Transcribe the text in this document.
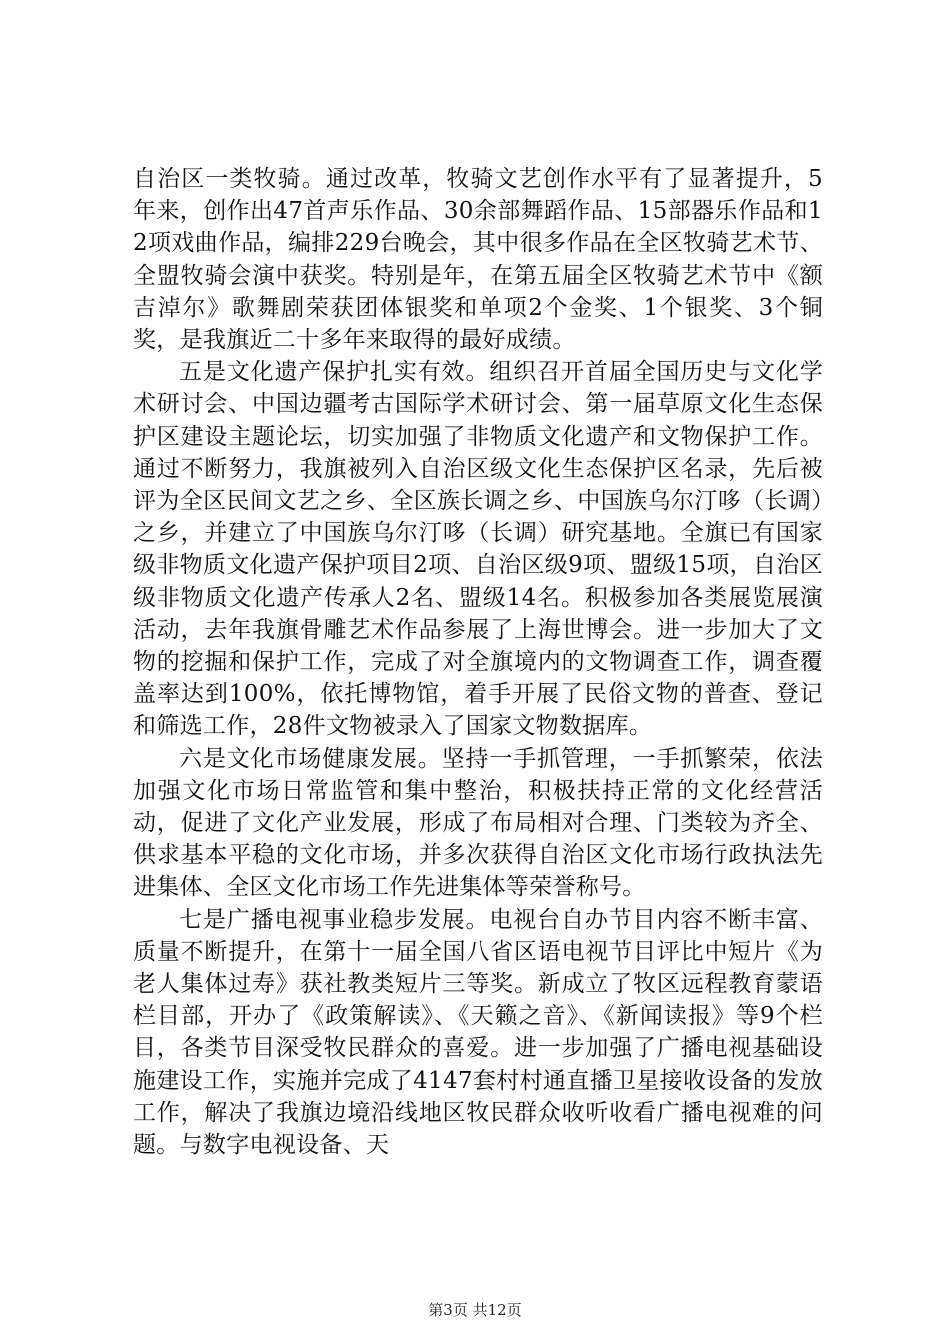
自治区一类牧骑。通过改革，牧骑文艺创作水平有了显著提升，5年来，创作出47首声乐作品、30余部舞蹈作品、15部器乐作品和12项戏曲作品，编排229台晚会，其中很多作品在全区牧骑艺术节、全盟牧骑会演中获奖。特别是年，在第五届全区牧骑艺术节中《额吉淖尔》歌舞剧荣获团体银奖和单项2个金奖、1个银奖、3个铜奖，是我旗近二十多年来取得的最好成绩。

五是文化遗产保护扎实有效。组织召开首届全国历史与文化学术研讨会、中国边疆考古国际学术研讨会、第一届草原文化生态保护区建设主题论坛，切实加强了非物质文化遗产和文物保护工作。通过不断努力，我旗被列入自治区级文化生态保护区名录，先后被评为全区民间文艺之乡、全区族长调之乡、中国族乌尔汀哆（长调）之乡，并建立了中国族乌尔汀哆（长调）研究基地。全旗已有国家级非物质文化遗产保护项目2项、自治区级9项、盟级15项，自治区级非物质文化遗产传承人2名、盟级14名。积极参加各类展览展演活动，去年我旗骨雕艺术作品参展了上海世博会。进一步加大了文物的挖掘和保护工作，完成了对全旗境内的文物调查工作，调查覆盖率达到100%，依托博物馆，着手开展了民俗文物的普查、登记和筛选工作，28件文物被录入了国家文物数据库。

六是文化市场健康发展。坚持一手抓管理，一手抓繁荣，依法加强文化市场日常监管和集中整治，积极扶持正常的文化经营活动，促进了文化产业发展，形成了布局相对合理、门类较为齐全、供求基本平稳的文化市场，并多次获得自治区文化市场行政执法先进集体、全区文化市场工作先进集体等荣誉称号。

七是广播电视事业稳步发展。电视台自办节目内容不断丰富、质量不断提升，在第十一届全国八省区语电视节目评比中短片《为老人集体过寿》获社教类短片三等奖。新成立了牧区远程教育蒙语栏目部，开办了《政策解读》、《天籁之音》、《新闻读报》等9个栏目，各类节目深受牧民群众的喜爱。进一步加强了广播电视基础设施建设工作，实施并完成了4147套村村通直播卫星接收设备的发放工作，解决了我旗边境沿线地区牧民群众收听收看广播电视难的问题。与数字电视设备、天

第3页 共12页
